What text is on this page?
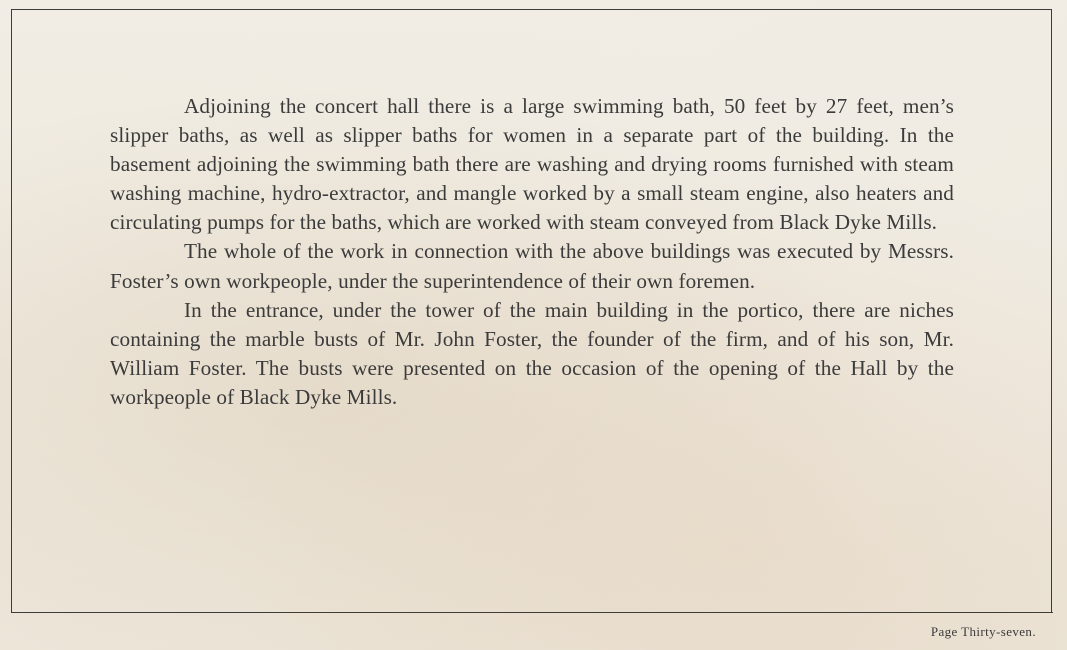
Adjoining the concert hall there is a large swimming bath, 50 feet by 27 feet, men’s slipper baths, as well as slipper baths for women in a separate part of the building. In the basement adjoining the swimming bath there are washing and drying rooms furnished with steam washing machine, hydro-extractor, and mangle worked by a small steam engine, also heaters and circulating pumps for the baths, which are worked with steam conveyed from Black Dyke Mills.

The whole of the work in connection with the above buildings was executed by Messrs. Foster’s own workpeople, under the superintendence of their own foremen.

In the entrance, under the tower of the main building in the portico, there are niches containing the marble busts of Mr. John Foster, the founder of the firm, and of his son, Mr. William Foster. The busts were presented on the occasion of the opening of the Hall by the workpeople of Black Dyke Mills.

Page Thirty-seven.
